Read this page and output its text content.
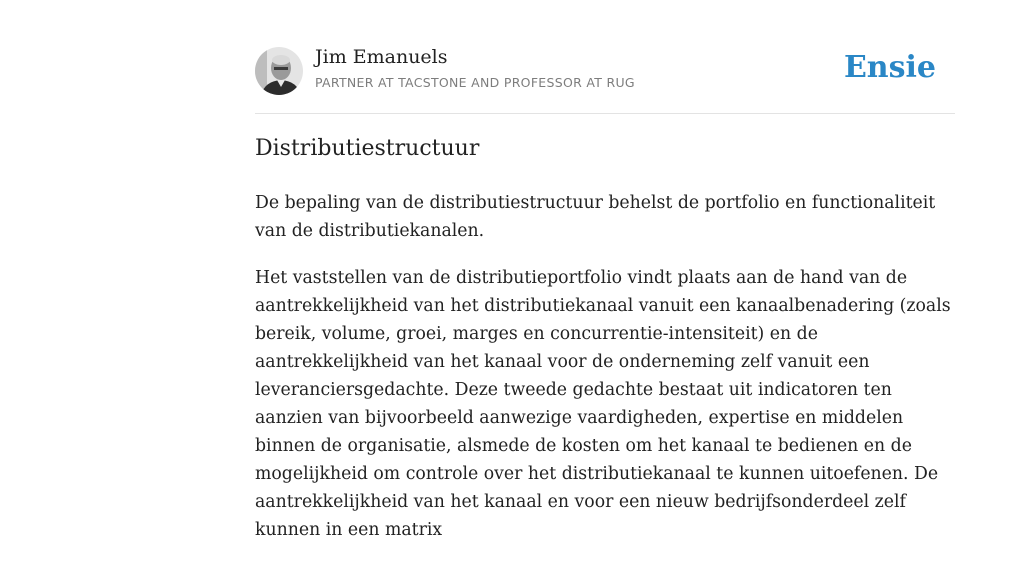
Jim Emanuels
PARTNER AT TACSTONE AND PROFESSOR AT RUG	Ensie
Distributiestructuur

De bepaling van de distributiestructuur behelst de portfolio en functionaliteit van de distributiekanalen.

Het vaststellen van de distributieportfolio vindt plaats aan de hand van de aantrekkelijkheid van het distributiekanaal vanuit een kanaalbenadering (zoals bereik, volume, groei, marges en concurrentie-intensiteit) en de aantrekkelijkheid van het kanaal voor de onderneming zelf vanuit een leveranciersgedachte. Deze tweede gedachte bestaat uit indicatoren ten aanzien van bijvoorbeeld aanwezige vaardigheden, expertise en middelen binnen de organisatie, alsmede de kosten om het kanaal te bedienen en de mogelijkheid om controle over het distributiekanaal te kunnen uitoefenen. De aantrekkelijkheid van het kanaal en voor een nieuw bedrijfsonderdeel zelf kunnen in een matrix
